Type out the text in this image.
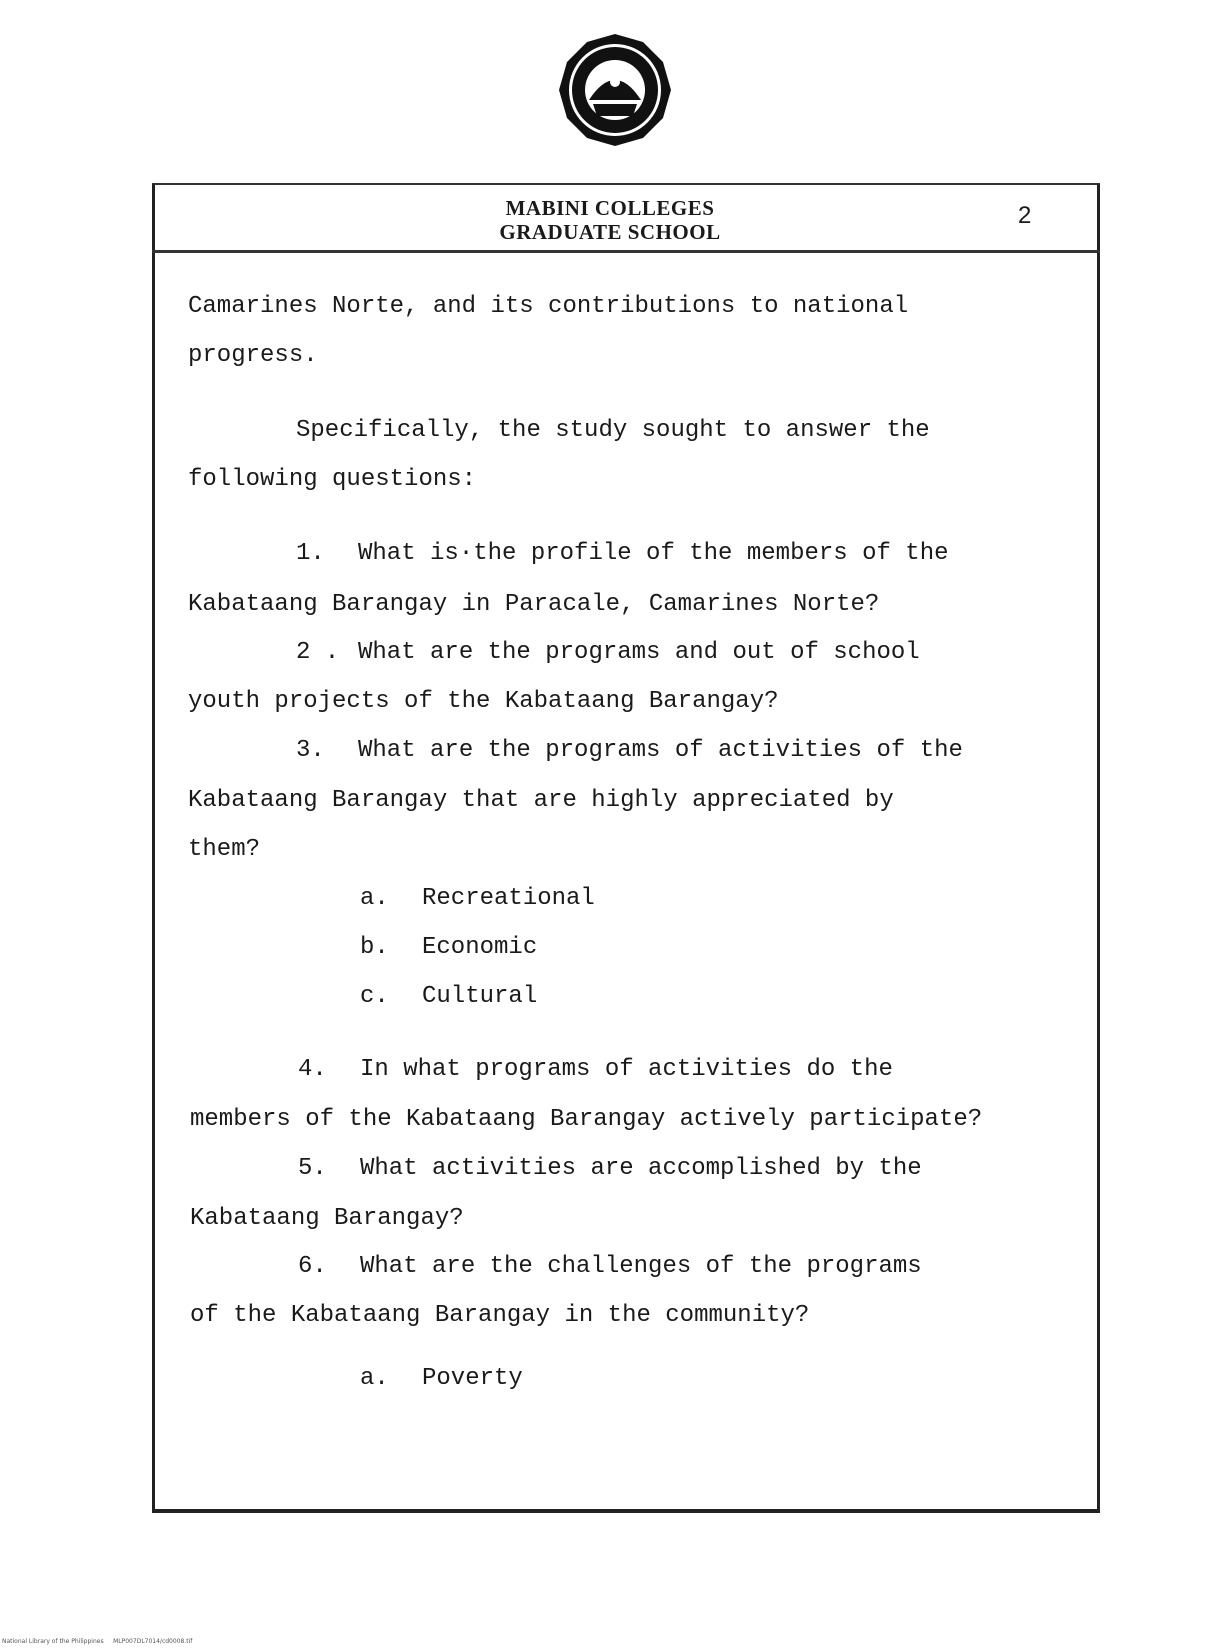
MABINI COLLEGES
GRADUATE SCHOOL
2
Camarines Norte, and its contributions to national
progress.
Specifically, the study sought to answer the
following questions:
1. What is·the profile of the members of the
Kabataang Barangay in Paracale, Camarines Norte?
2 . What are the programs and out of school
youth projects of the Kabataang Barangay?
3. What are the programs of activities of the
Kabataang Barangay that are highly appreciated by
them?
a. Recreational
b. Economic
c. Cultural
4. In what programs of activities do the
members of the Kabataang Barangay actively participate?
5. What activities are accomplished by the
Kabataang Barangay?
6. What are the challenges of the programs
of the Kabataang Barangay in the community?
a. Poverty
National Library of the Philippines     MLP007DL7014/cd0008.tif
